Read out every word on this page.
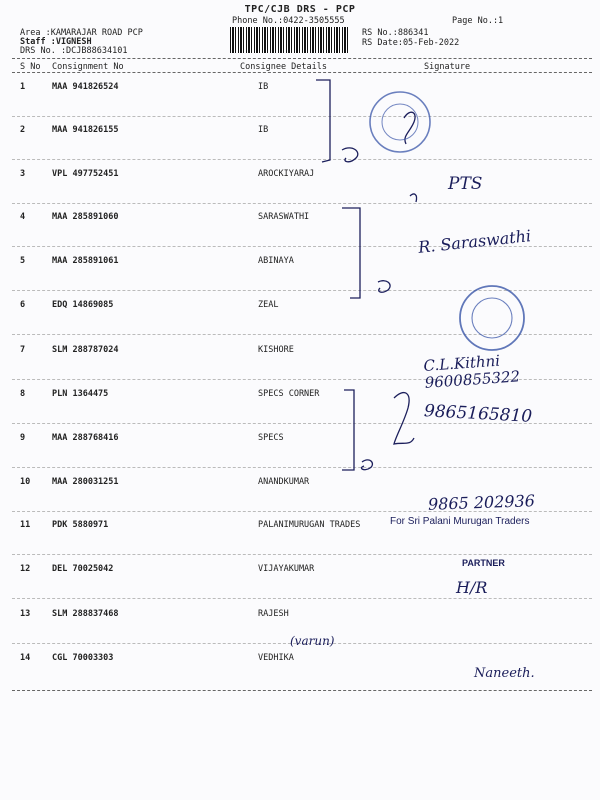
TPC/CJB DRS - PCP
Phone No.:0422-3505555	Page No.:1
Area :KAMARAJAR ROAD PCP
Staff :VIGNESH
DRS No. :DCJB88634101
RS No.:886341
RS Date:05-Feb-2022
S No Consignment No	Consignee Details	Signature
1	MAA 941826524	IB
2	MAA 941826155	IB
3	VPL 497752451	AROCKIYARAJ
4	MAA 285891060	SARASWATHI
5	MAA 285891061	ABINAYA
6	EDQ 14869085	ZEAL
7	SLM 288787024	KISHORE
8	PLN 1364475	SPECS CORNER
9	MAA 288768416	SPECS
10	MAA 280031251	ANANDKUMAR
11	PDK 5880971	PALANIMURUGAN TRADES
12	DEL 70025042	VIJAYAKUMAR
13	SLM 288837468	RAJESH
14	CGL 70003303	VEDHIKA
PTS
R. Saraswathi
C.L.Kithni 9600855322
9865165810
9865 202936
For Sri Palani Murugan Traders
PARTNER
H/R
(varun)
Naneeth.
